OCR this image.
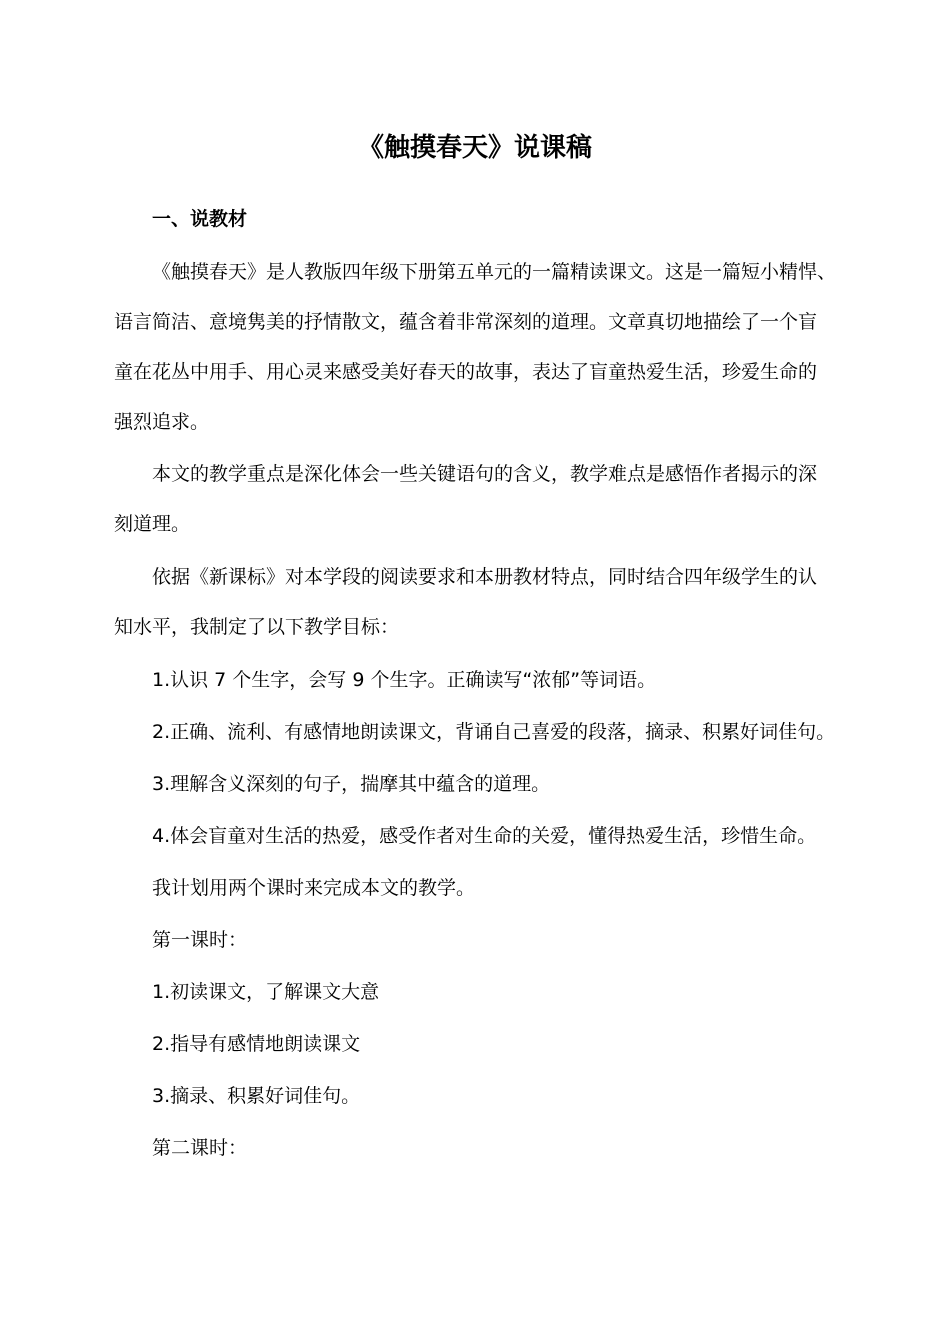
《触摸春天》说课稿
一、说教材
《触摸春天》是人教版四年级下册第五单元的一篇精读课文。这是一篇短小精悍、
语言简洁、意境隽美的抒情散文，蕴含着非常深刻的道理。文章真切地描绘了一个盲
童在花丛中用手、用心灵来感受美好春天的故事，表达了盲童热爱生活，珍爱生命的
强烈追求。
本文的教学重点是深化体会一些关键语句的含义，教学难点是感悟作者揭示的深
刻道理。
依据《新课标》对本学段的阅读要求和本册教材特点，同时结合四年级学生的认
知水平，我制定了以下教学目标：
1.认识 7 个生字，会写 9 个生字。正确读写“浓郁”等词语。
2.正确、流利、有感情地朗读课文，背诵自己喜爱的段落，摘录、积累好词佳句。
3.理解含义深刻的句子，揣摩其中蕴含的道理。
4.体会盲童对生活的热爱，感受作者对生命的关爱，懂得热爱生活，珍惜生命。
我计划用两个课时来完成本文的教学。
第一课时：
1.初读课文，了解课文大意
2.指导有感情地朗读课文
3.摘录、积累好词佳句。
第二课时：
